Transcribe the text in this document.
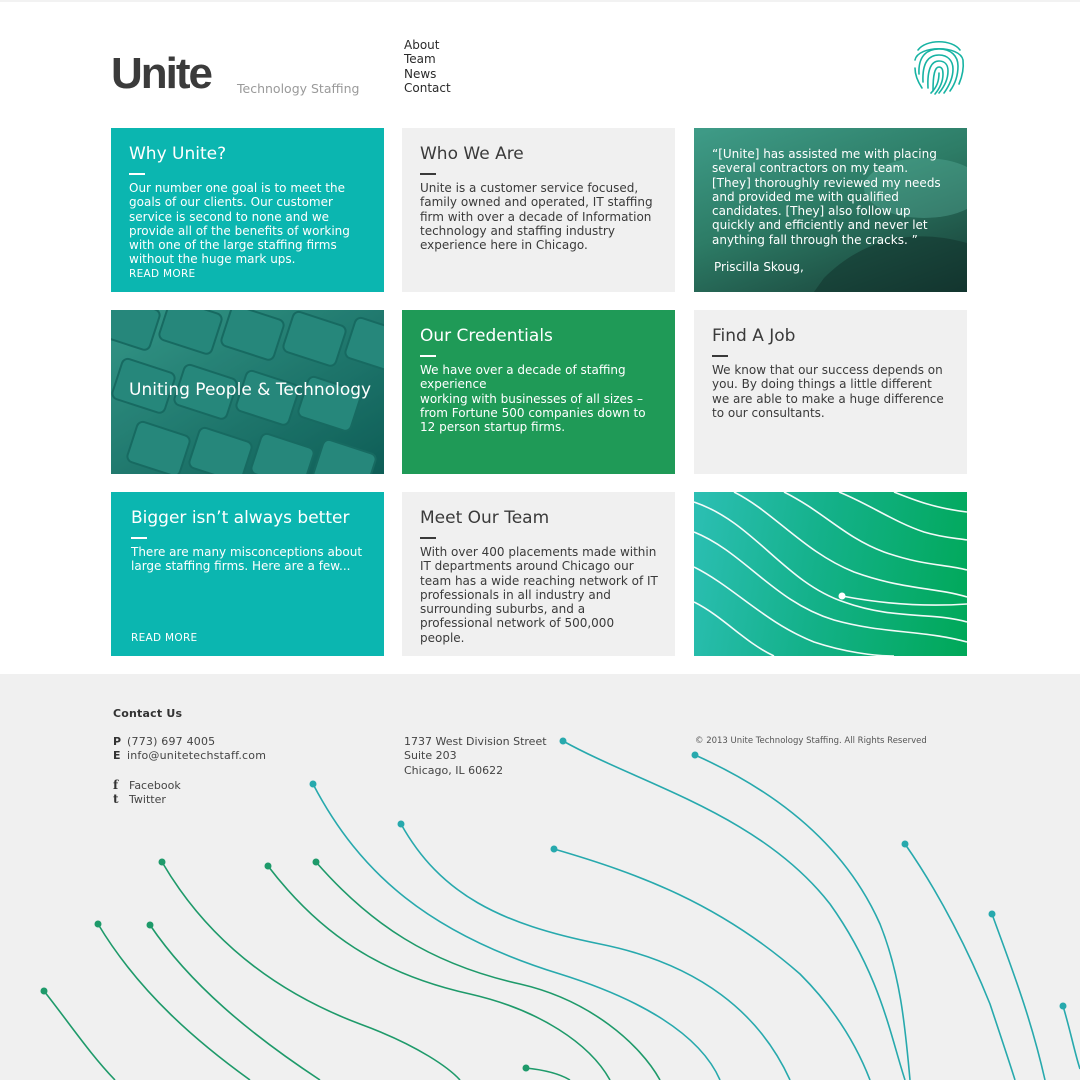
Unite Technology Staffing
About
Team
News
Contact
Why Unite?
Our number one goal is to meet the goals of our clients. Our customer service is second to none and we provide all of the benefits of working with one of the large staffing firms without the huge mark ups.
READ MORE
Who We Are
Unite is a customer service focused, family owned and operated, IT staffing firm with over a decade of Information technology and staffing industry experience here in Chicago.
“[Unite] has assisted me with placing several contractors on my team. [They] thoroughly reviewed my needs and provided me with qualified candidates. [They] also follow up quickly and efficiently and never let anything fall through the cracks. ”
Priscilla Skoug,
Uniting People & Technology
Our Credentials
We have over a decade of staffing experience
working with businesses of all sizes – from Fortune 500 companies down to 12 person startup firms.
Find A Job
We know that our success depends on you. By doing things a little different we are able to make a huge difference to our consultants.
Bigger isn’t always better
There are many misconceptions about large staffing firms. Here are a few...
READ MORE
Meet Our Team
With over 400 placements made within IT departments around Chicago our team has a wide reaching network of IT professionals in all industry and surrounding suburbs, and a professional network of 500,000 people.
Contact Us
P (773) 697 4005
E info@unitetechstaff.com
f Facebook
t Twitter
1737 West Division Street
Suite 203
Chicago, IL 60622
© 2013 Unite Technology Staffing. All Rights Reserved
